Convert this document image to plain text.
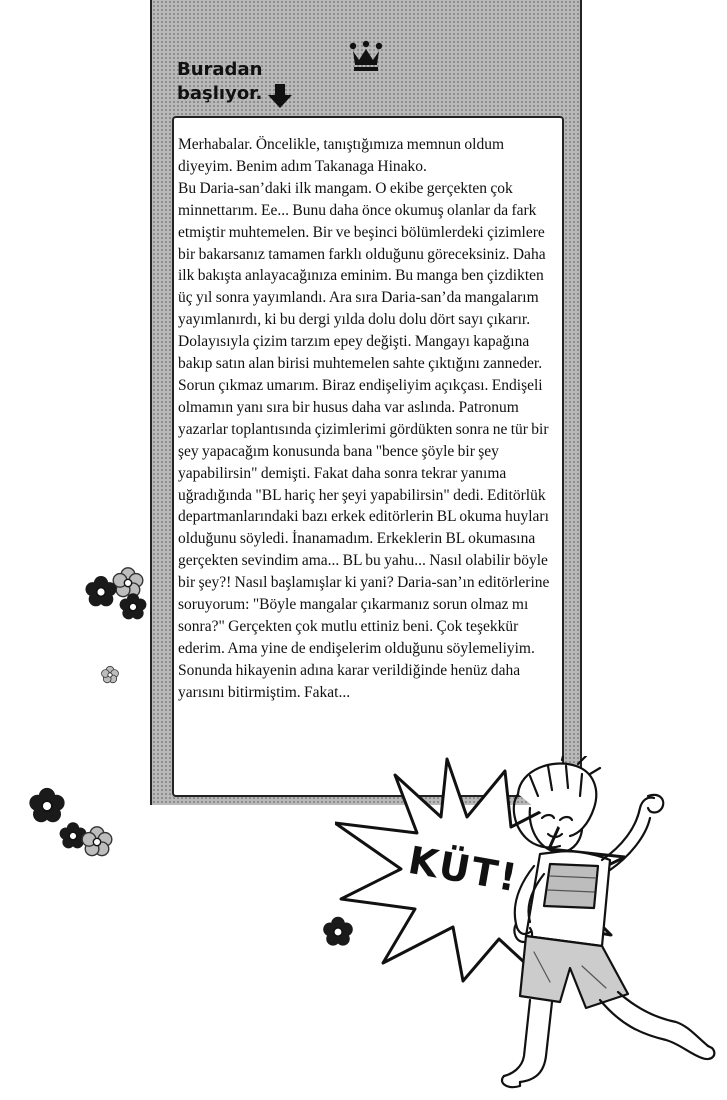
Buradan
başlıyor.

Merhabalar. Öncelikle, tanıştığımıza memnun oldum diyeyim. Benim adım Takanaga Hinako.
Bu Daria-san’daki ilk mangam. O ekibe gerçekten çok minnettarım. Ee... Bunu daha önce okumuş olanlar da fark etmiştir muhtemelen. Bir ve beşinci bölümlerdeki çizimlere bir bakarsanız tamamen farklı olduğunu göreceksiniz. Daha ilk bakışta anlayacağınıza eminim. Bu manga ben çizdikten üç yıl sonra yayımlandı. Ara sıra Daria-san’da mangalarım yayımlanırdı, ki bu dergi yılda dolu dolu dört sayı çıkarır. Dolayısıyla çizim tarzım epey değişti. Mangayı kapağına bakıp satın alan birisi muhtemelen sahte çıktığını zanneder. Sorun çıkmaz umarım. Biraz endişeliyim açıkçası. Endişeli olmamın yanı sıra bir husus daha var aslında. Patronum yazarlar toplantısında çizimlerimi gördükten sonra ne tür bir şey yapacağım konusunda bana "bence şöyle bir şey yapabilirsin" demişti. Fakat daha sonra tekrar yanıma uğradığında "BL hariç her şeyi yapabilirsin" dedi. Editörlük departmanlarındaki bazı erkek editörlerin BL okuma huyları olduğunu söyledi. İnanamadım. Erkeklerin BL okumasına gerçekten sevindim ama... BL bu yahu... Nasıl olabilir böyle bir şey?! Nasıl başlamışlar ki yani? Daria-san’ın editörlerine soruyorum: "Böyle mangalar çıkarmanız sorun olmaz mı sonra?" Gerçekten çok mutlu ettiniz beni. Çok teşekkür ederim. Ama yine de endişelerim olduğunu söylemeliyim.
Sonunda hikayenin adına karar verildiğinde henüz daha yarısını bitirmiştim. Fakat...

KÜT!
